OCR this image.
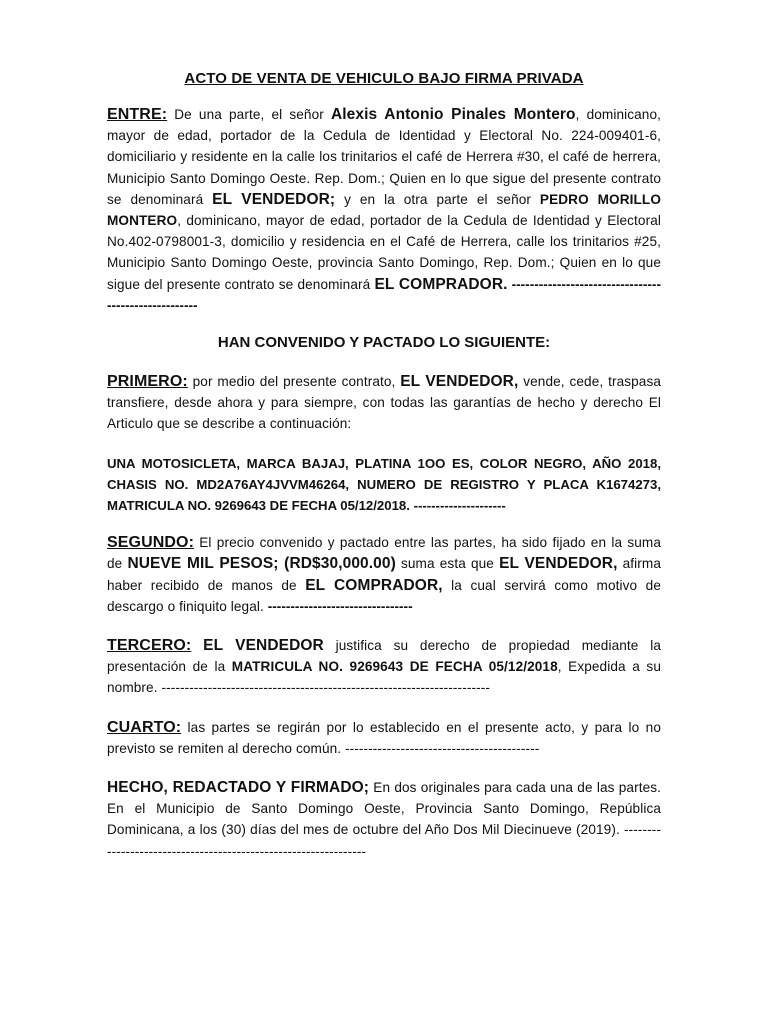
ACTO DE VENTA DE VEHICULO BAJO FIRMA PRIVADA

ENTRE: De una parte, el señor Alexis Antonio Pinales Montero, dominicano, mayor de edad, portador de la Cedula de Identidad y Electoral No. 224-009401-6, domiciliario y residente en la calle los trinitarios el café de Herrera #30, el café de herrera, Municipio Santo Domingo Oeste. Rep. Dom.; Quien en lo que sigue del presente contrato se denominará EL VENDEDOR; y en la otra parte el señor PEDRO MORILLO MONTERO, dominicano, mayor de edad, portador de la Cedula de Identidad y Electoral No.402-0798001-3, domicilio y residencia en el Café de Herrera, calle los trinitarios #25, Municipio Santo Domingo Oeste, provincia Santo Domingo, Rep. Dom.; Quien en lo que sigue del presente contrato se denominará EL COMPRADOR. -----------------------------------------------------

HAN CONVENIDO Y PACTADO LO SIGUIENTE:

PRIMERO: por medio del presente contrato, EL VENDEDOR, vende, cede, traspasa transfiere, desde ahora y para siempre, con todas las garantías de hecho y derecho El Articulo que se describe a continuación:

UNA MOTOSICLETA, MARCA BAJAJ, PLATINA 1OO ES, COLOR NEGRO, AÑO 2018, CHASIS NO. MD2A76AY4JVVM46264, NUMERO DE REGISTRO Y PLACA K1674273, MATRICULA NO. 9269643 DE FECHA 05/12/2018. ---------------------

SEGUNDO: El precio convenido y pactado entre las partes, ha sido fijado en la suma de NUEVE MIL PESOS; (RD$30,000.00) suma esta que EL VENDEDOR, afirma haber recibido de manos de EL COMPRADOR, la cual servirá como motivo de descargo o finiquito legal. --------------------------------

TERCERO: EL VENDEDOR justifica su derecho de propiedad mediante la presentación de la MATRICULA NO. 9269643 DE FECHA 05/12/2018, Expedida a su nombre. -----------------------------------------------------------------------

CUARTO: las partes se regirán por lo establecido en el presente acto, y para lo no previsto se remiten al derecho común. ------------------------------------------

HECHO, REDACTADO Y FIRMADO; En dos originales para cada una de las partes. En el Municipio de Santo Domingo Oeste, Provincia Santo Domingo, República Dominicana, a los (30) días del mes de octubre del Año Dos Mil Diecinueve (2019). ----------------------------------------------------------------
